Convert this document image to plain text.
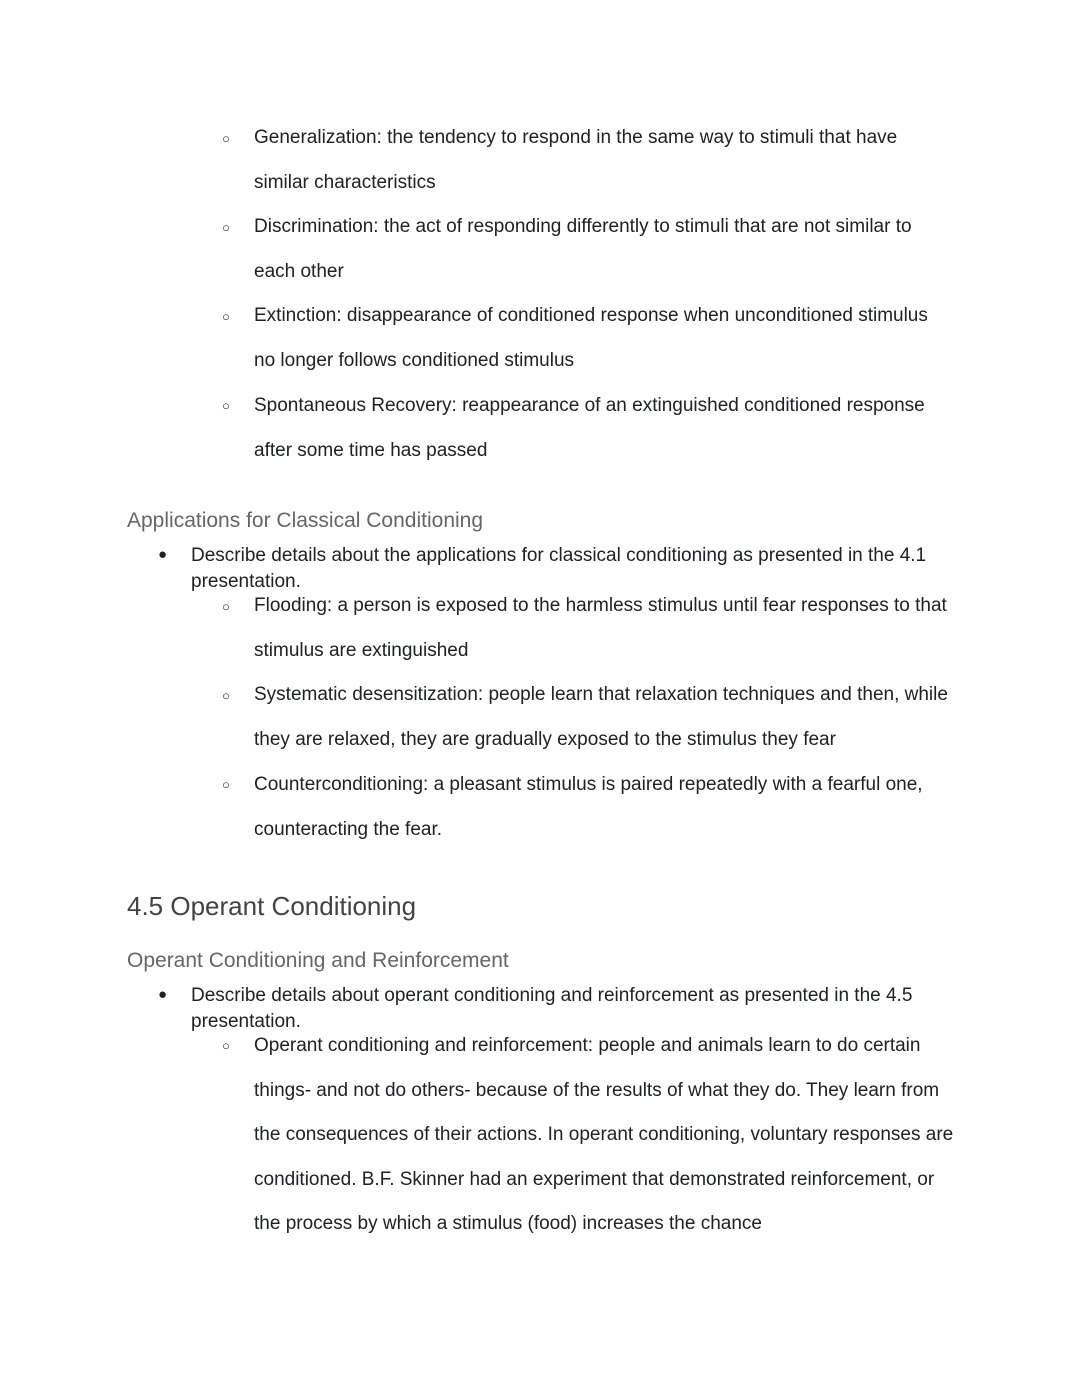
○ Generalization: the tendency to respond in the same way to stimuli that have similar characteristics
○ Discrimination: the act of responding differently to stimuli that are not similar to each other
○ Extinction: disappearance of conditioned response when unconditioned stimulus no longer follows conditioned stimulus
○ Spontaneous Recovery: reappearance of an extinguished conditioned response after some time has passed
Applications for Classical Conditioning
● Describe details about the applications for classical conditioning as presented in the 4.1 presentation.
○ Flooding: a person is exposed to the harmless stimulus until fear responses to that stimulus are extinguished
○ Systematic desensitization: people learn that relaxation techniques and then, while they are relaxed, they are gradually exposed to the stimulus they fear
○ Counterconditioning: a pleasant stimulus is paired repeatedly with a fearful one, counteracting the fear.
4.5 Operant Conditioning
Operant Conditioning and Reinforcement
● Describe details about operant conditioning and reinforcement as presented in the 4.5 presentation.
○ Operant conditioning and reinforcement: people and animals learn to do certain things- and not do others- because of the results of what they do. They learn from the consequences of their actions. In operant conditioning, voluntary responses are conditioned. B.F. Skinner had an experiment that demonstrated reinforcement, or the process by which a stimulus (food) increases the chance
